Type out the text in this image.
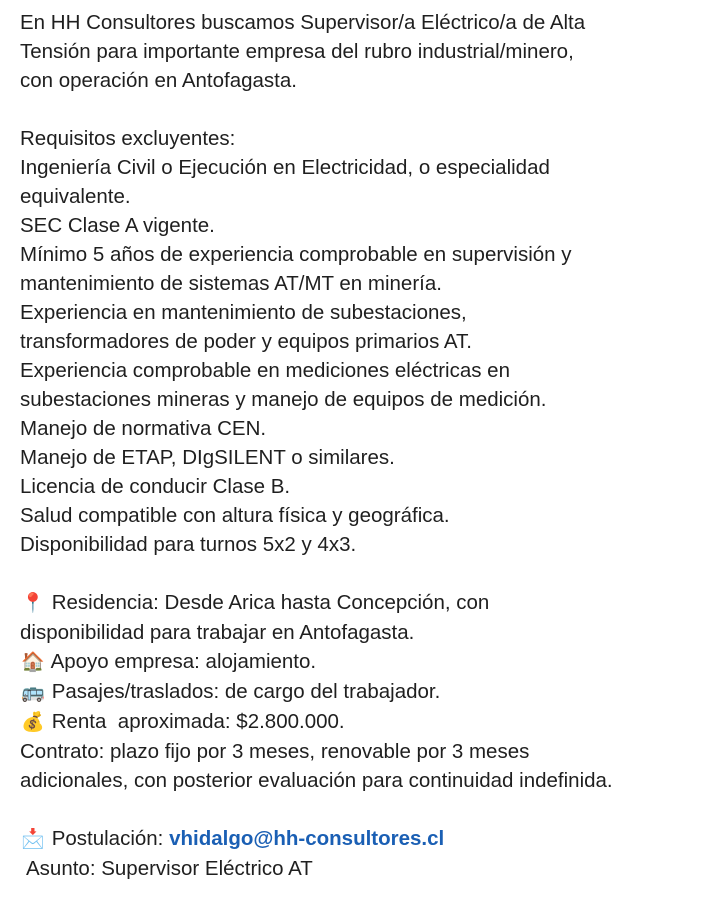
En HH Consultores buscamos Supervisor/a Eléctrico/a de Alta
Tensión para importante empresa del rubro industrial/minero,
con operación en Antofagasta.
Requisitos excluyentes:
Ingeniería Civil o Ejecución en Electricidad, o especialidad
equivalente.
SEC Clase A vigente.
Mínimo 5 años de experiencia comprobable en supervisión y
mantenimiento de sistemas AT/MT en minería.
Experiencia en mantenimiento de subestaciones,
transformadores de poder y equipos primarios AT.
Experiencia comprobable en mediciones eléctricas en
subestaciones mineras y manejo de equipos de medición.
Manejo de normativa CEN.
Manejo de ETAP, DIgSILENT o similares.
Licencia de conducir Clase B.
Salud compatible con altura física y geográfica.
Disponibilidad para turnos 5x2 y 4x3.
📍 Residencia: Desde Arica hasta Concepción, con
disponibilidad para trabajar en Antofagasta.
🏠 Apoyo empresa: alojamiento.
🚌 Pasajes/traslados: de cargo del trabajador.
💰 Renta  aproximada: $2.800.000.
Contrato: plazo fijo por 3 meses, renovable por 3 meses
adicionales, con posterior evaluación para continuidad indefinida.
📩 Postulación: vhidalgo@hh-consultores.cl
Asunto: Supervisor Eléctrico AT
